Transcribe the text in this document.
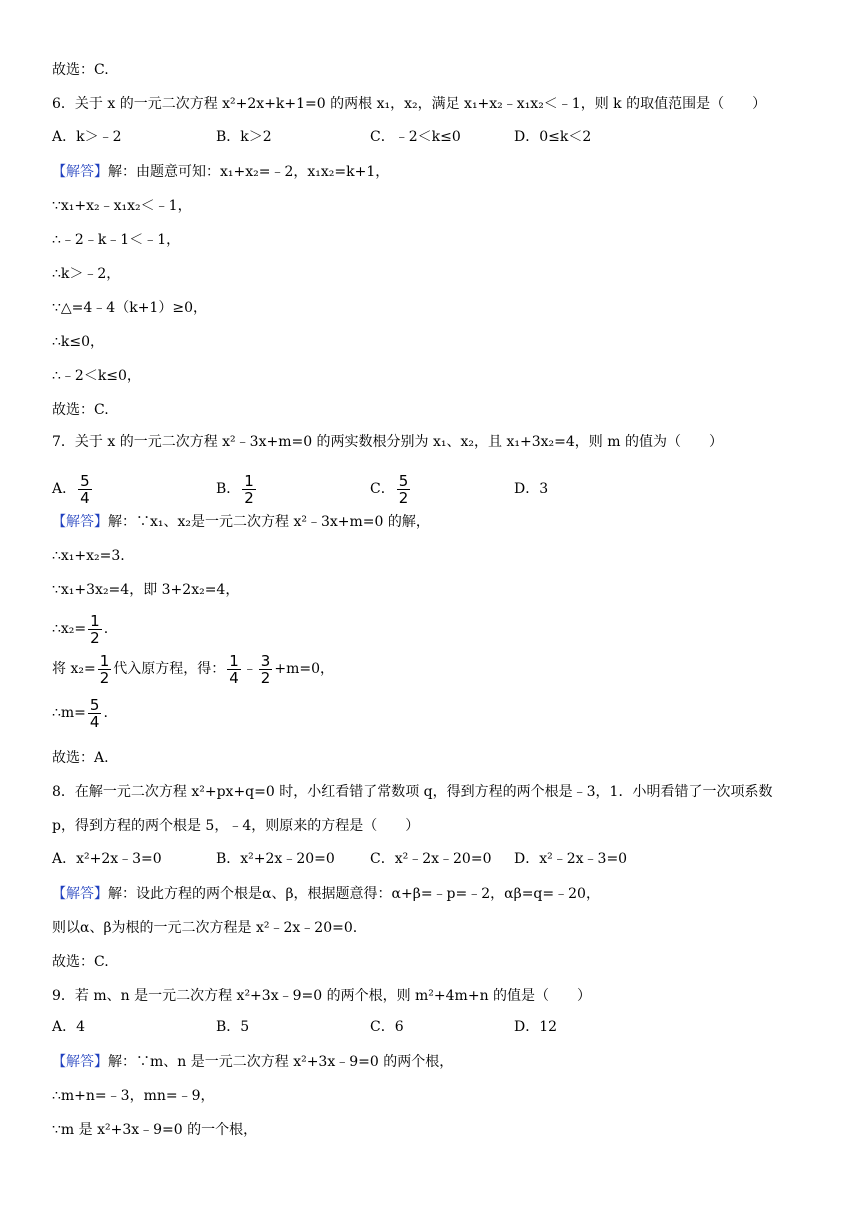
故选：C.
6．关于 x 的一元二次方程 x²+2x+k+1=0 的两根 x₁，x₂，满足 x₁+x₂﹣x₁x₂＜﹣1，则 k 的取值范围是（　　）
A．k＞﹣2	B．k＞2	C．﹣2＜k≤0	D．0≤k＜2
【解答】解：由题意可知：x₁+x₂=﹣2，x₁x₂=k+1，
∵x₁+x₂﹣x₁x₂＜﹣1，
∴﹣2﹣k﹣1＜﹣1，
∴k＞﹣2，
∵△=4﹣4（k+1）≥0，
∴k≤0，
∴﹣2＜k≤0，
故选：C.
7．关于 x 的一元二次方程 x²﹣3x+m=0 的两实数根分别为 x₁、x₂，且 x₁+3x₂=4，则 m 的值为（　　）
A． $\frac{5}{4}$	B． $\frac{1}{2}$	C． $\frac{5}{2}$	D．3
【解答】解：∵x₁、x₂是一元二次方程 x²﹣3x+m=0 的解，
∴x₁+x₂=3.
∵x₁+3x₂=4，即 3+2x₂=4，
∴x₂= $\frac{1}{2}$ .
将 $x_2= \frac{1}{2}$ 代入原方程，得： $\frac{1}{4}$ ﹣ $\frac{3}{2} +m=0$，
∴m= $\frac{5}{4}$ .
故选：A.
8．在解一元二次方程 x²+px+q=0 时，小红看错了常数项 q，得到方程的两个根是﹣3，1．小明看错了一次项系数
p，得到方程的两个根是 5，﹣4，则原来的方程是（　　）
A．x²+2x﹣3=0	B．x²+2x﹣20=0	C．x²﹣2x﹣20=0 D．x²﹣2x﹣3=0
【解答】解：设此方程的两个根是α、β，根据题意得：α+β=﹣p=﹣2，αβ=q=﹣20，
则以α、β为根的一元二次方程是 x²﹣2x﹣20=0.
故选：C.
9．若 m、n 是一元二次方程 x²+3x﹣9=0 的两个根，则 m²+4m+n 的值是（　　）
A．4	B．5	C．6	D．12
【解答】解：∵m、n 是一元二次方程 x²+3x﹣9=0 的两个根，
∴m+n=﹣3，mn=﹣9，
∵m 是 x²+3x﹣9=0 的一个根，
